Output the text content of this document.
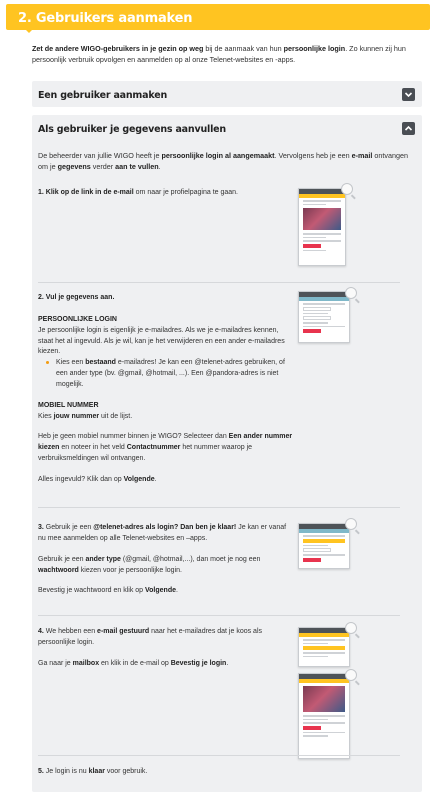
2. Gebruikers aanmaken

Zet de andere WIGO-gebruikers in je gezin op weg bij de aanmaak van hun persoonlijke login. Zo kunnen zij hun persoonlijk verbruik opvolgen en aanmelden op al onze Telenet-websites en -apps.

Een gebruiker aanmaken
Als gebruiker je gegevens aanvullen

De beheerder van jullie WIGO heeft je persoonlijke login al aangemaakt. Vervolgens heb je een e-mail ontvangen om je gegevens verder aan te vullen.

1. Klik op de link in de e-mail om naar je profielpagina te gaan.
2. Vul je gegevens aan.
PERSOONLIJKE LOGIN
Je persoonlijke login is eigenlijk je e-mailadres. Als we je e-mailadres kennen, staat het al ingevuld. Als je wil, kan je het verwijderen en een ander e-mailadres kiezen.
Kies een bestaand e-mailadres! Je kan een @telenet-adres gebruiken, of een ander type (bv. @gmail, @hotmail, ...). Een @pandora-adres is niet mogelijk.
MOBIEL NUMMER
Kies jouw nummer uit de lijst.
Heb je geen mobiel nummer binnen je WIGO? Selecteer dan Een ander nummer kiezen en noteer in het veld Contactnummer het nummer waarop je verbruiksmeldingen wil ontvangen.
Alles ingevuld? Klik dan op Volgende.
3. Gebruik je een @telenet-adres als login? Dan ben je klaar! Je kan er vanaf nu mee aanmelden op alle Telenet-websites en –apps.
Gebruik je een ander type (@gmail, @hotmail,...), dan moet je nog een wachtwoord kiezen voor je persoonlijke login.
Bevestig je wachtwoord en klik op Volgende.
4. We hebben een e-mail gestuurd naar het e-mailadres dat je koos als persoonlijke login.
Ga naar je mailbox en klik in de e-mail op Bevestig je login.
5. Je login is nu klaar voor gebruik.
